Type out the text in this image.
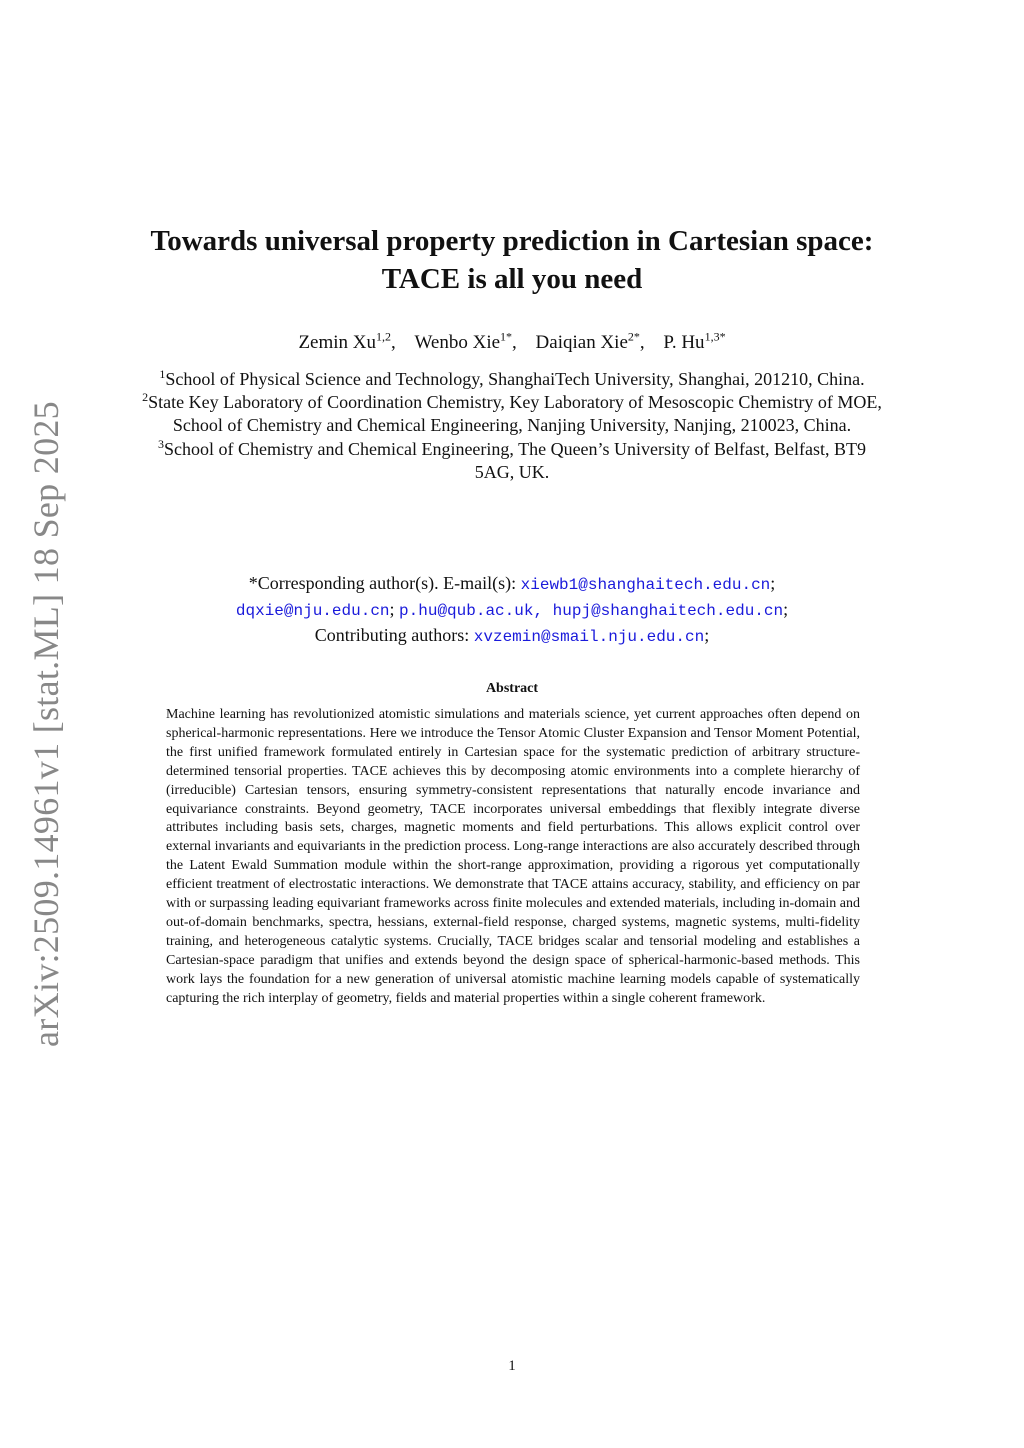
arXiv:2509.14961v1 [stat.ML] 18 Sep 2025
Towards universal property prediction in Cartesian space: TACE is all you need
Zemin Xu$^{1,2}$, Wenbo Xie$^{1*}$, Daiqian Xie$^{2*}$, P. $Hu^{1,3*}$
$^1$School of Physical Science and Technology, ShanghaiTech University, Shanghai, 201210, China.
$^2$State Key Laboratory of Coordination Chemistry, Key Laboratory of Mesoscopic Chemistry of MOE, School of Chemistry and Chemical Engineering, Nanjing University, Nanjing, 210023, China.
$^3$School of Chemistry and Chemical Engineering, The Queen’s University of Belfast, Belfast, BT9 5AG, UK.
*Corresponding author(s). E-mail(s): xiewb1@shanghaitech.edu.cn;
dqxie@nju.edu.cn; p.hu@qub.ac.uk, hupj@shanghaitech.edu.cn;
Contributing authors: xvzemin@smail.nju.edu.cn;
Abstract
Machine learning has revolutionized atomistic simulations and materials science, yet current approaches often depend on spherical-harmonic representations. Here we introduce the Tensor Atomic Cluster Expansion and Tensor Moment Potential, the first unified framework formulated entirely in Cartesian space for the systematic prediction of arbitrary structure-determined tensorial properties. TACE achieves this by decomposing atomic environments into a complete hierarchy of (irreducible) Cartesian tensors, ensuring symmetry-consistent representations that naturally encode invariance and equivariance constraints. Beyond geometry, TACE incorporates universal embeddings that flexibly integrate diverse attributes including basis sets, charges, magnetic moments and field perturbations. This allows explicit control over external invariants and equivariants in the prediction process. Long-range interactions are also accurately described through the Latent Ewald Summation module within the short-range approximation, providing a rigorous yet computationally efficient treatment of electrostatic interactions. We demonstrate that TACE attains accuracy, stability, and efficiency on par with or surpassing leading equivariant frameworks across finite molecules and extended materials, including in-domain and out-of-domain benchmarks, spectra, hessians, external-field response, charged systems, magnetic systems, multi-fidelity training, and heterogeneous catalytic systems. Crucially, TACE bridges scalar and tensorial modeling and establishes a Cartesian-space paradigm that unifies and extends beyond the design space of spherical-harmonic-based methods. This work lays the foundation for a new generation of universal atomistic machine learning models capable of systematically capturing the rich interplay of geometry, fields and material properties within a single coherent framework.
1
